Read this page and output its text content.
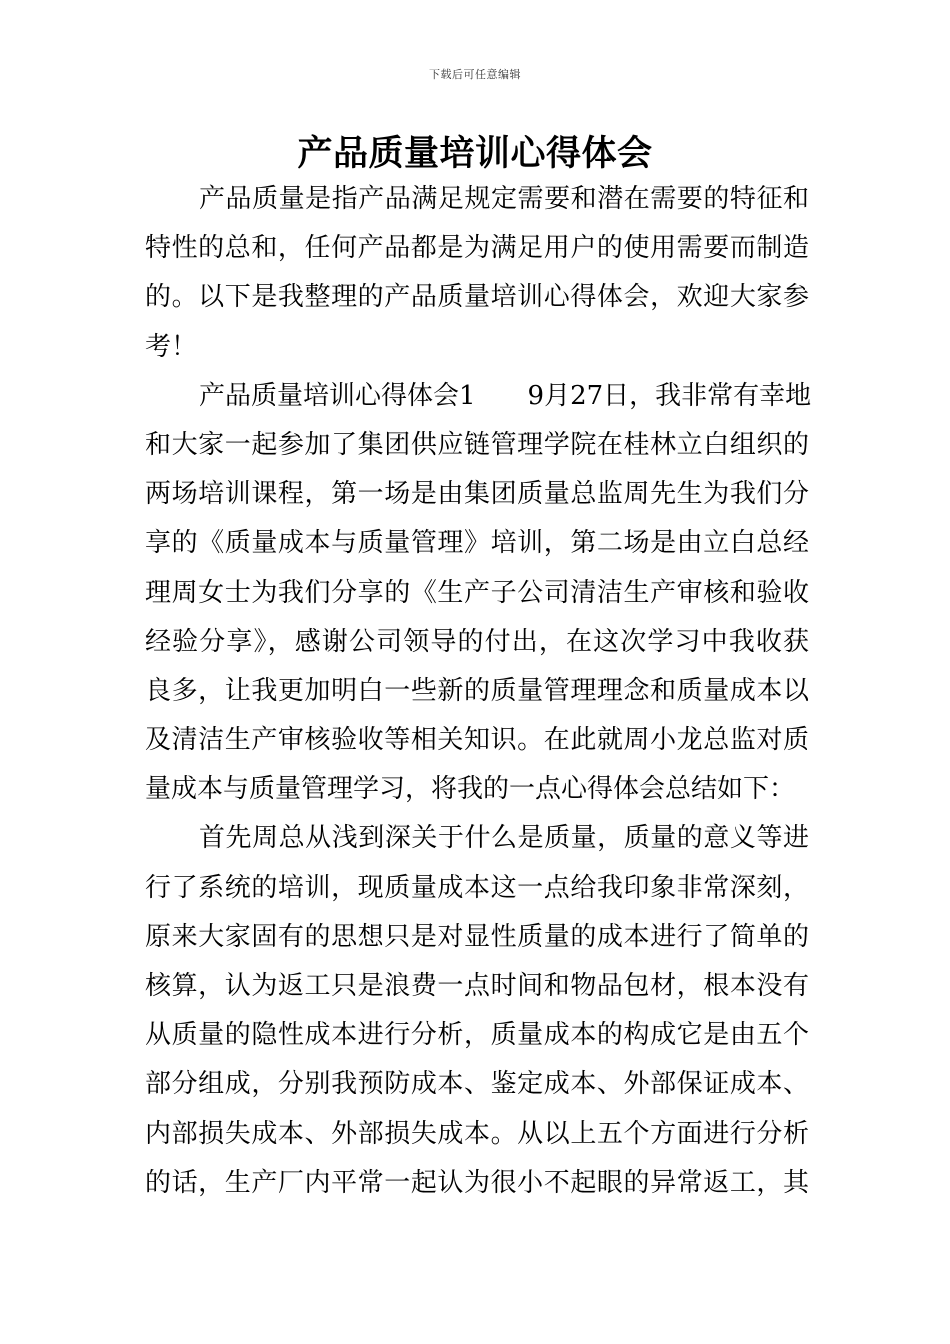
下载后可任意编辑
产品质量培训心得体会
产品质量是指产品满足规定需要和潜在需要的特征和
特性的总和，任何产品都是为满足用户的使用需要而制造
的。以下是我整理的产品质量培训心得体会，欢迎大家参
考！
产品质量培训心得体会1　　9月27日，我非常有幸地
和大家一起参加了集团供应链管理学院在桂林立白组织的
两场培训课程，第一场是由集团质量总监周先生为我们分
享的《质量成本与质量管理》培训，第二场是由立白总经
理周女士为我们分享的《生产子公司清洁生产审核和验收
经验分享》，感谢公司领导的付出，在这次学习中我收获
良多，让我更加明白一些新的质量管理理念和质量成本以
及清洁生产审核验收等相关知识。在此就周小龙总监对质
量成本与质量管理学习，将我的一点心得体会总结如下：
首先周总从浅到深关于什么是质量，质量的意义等进
行了系统的培训，现质量成本这一点给我印象非常深刻，
原来大家固有的思想只是对显性质量的成本进行了简单的
核算，认为返工只是浪费一点时间和物品包材，根本没有
从质量的隐性成本进行分析，质量成本的构成它是由五个
部分组成，分别我预防成本、鉴定成本、外部保证成本、
内部损失成本、外部损失成本。从以上五个方面进行分析
的话，生产厂内平常一起认为很小不起眼的异常返工，其
